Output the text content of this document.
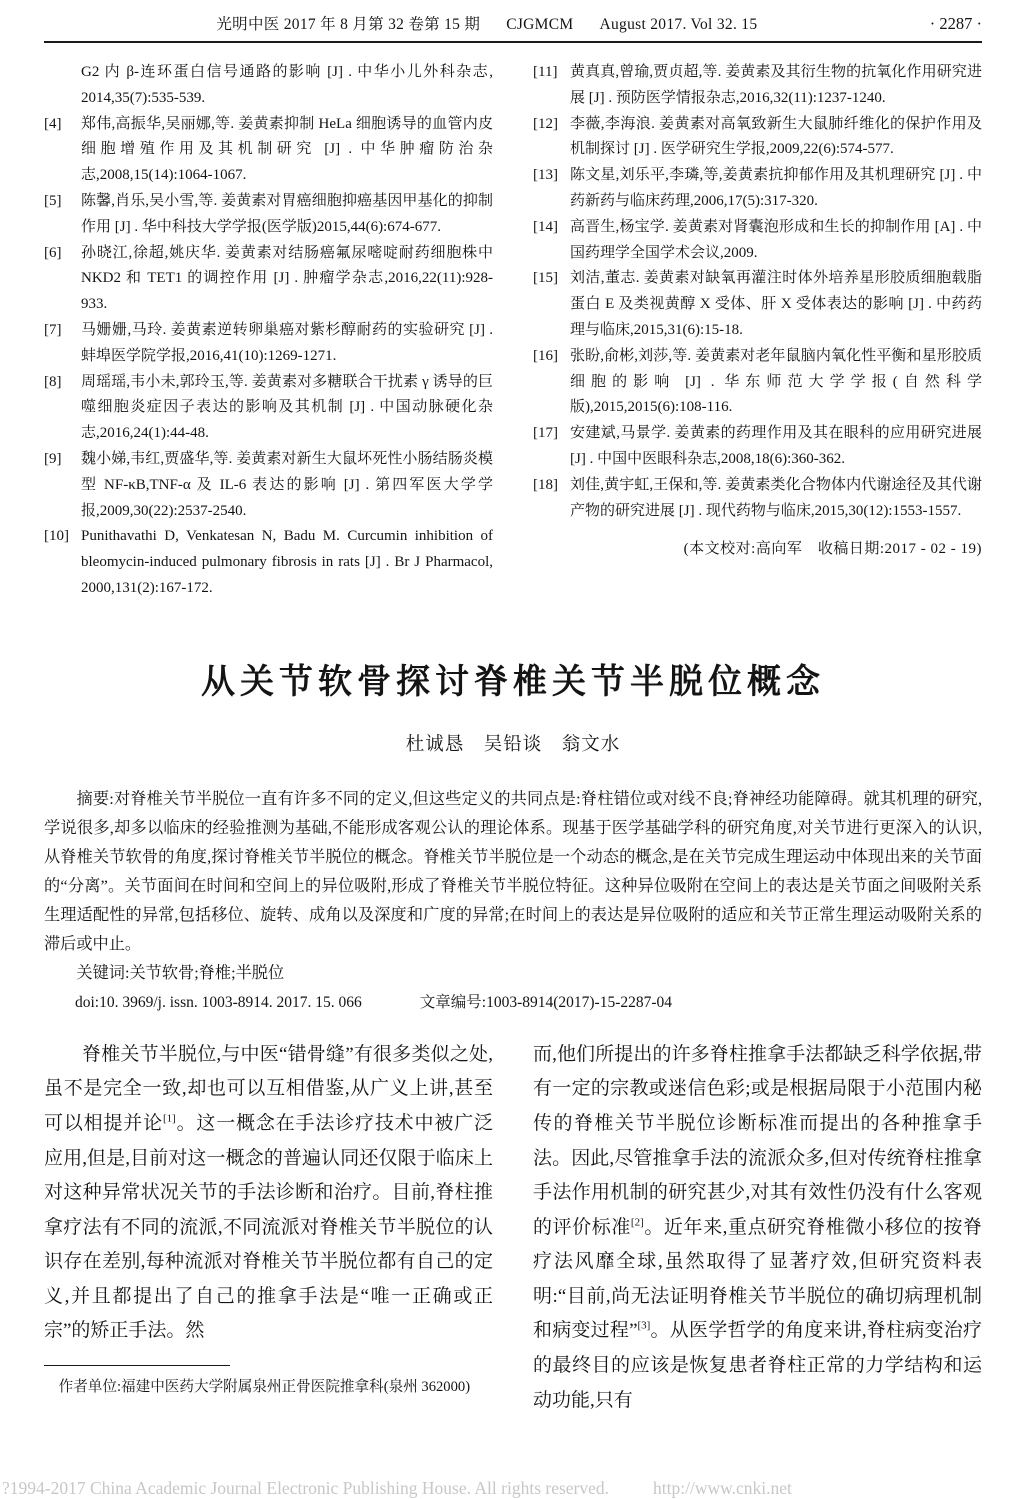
光明中医 2017 年 8 月第 32 卷第 15 期 CJGMCM August 2017. Vol 32. 15	· 2287 ·
G2 内 β-连环蛋白信号通路的影响 [J] . 中华小儿外科杂志, 2014,35(7):535-539.
[4]	郑伟,高振华,吴丽娜,等. 姜黄素抑制 HeLa 细胞诱导的血管内皮细胞增殖作用及其机制研究 [J] . 中华肿瘤防治杂志,2008,15(14):1064-1067.
[5]	陈馨,肖乐,吴小雪,等. 姜黄素对胃癌细胞抑癌基因甲基化的抑制作用 [J] . 华中科技大学学报(医学版)2015,44(6):674-677.
[6]	孙晓江,徐超,姚庆华. 姜黄素对结肠癌氟尿嘧啶耐药细胞株中 NKD2 和 TET1 的调控作用 [J] . 肿瘤学杂志,2016,22(11):928-933.
[7]	马姗姗,马玲. 姜黄素逆转卵巢癌对紫杉醇耐药的实验研究 [J] . 蚌埠医学院学报,2016,41(10):1269-1271.
[8]	周瑶瑶,韦小未,郭玲玉,等. 姜黄素对多糖联合干扰素 γ 诱导的巨噬细胞炎症因子表达的影响及其机制 [J] . 中国动脉硬化杂志,2016,24(1):44-48.
[9]	魏小娣,韦红,贾盛华,等. 姜黄素对新生大鼠坏死性小肠结肠炎模型 NF-κB,TNF-α 及 IL-6 表达的影响 [J] . 第四军医大学学报,2009,30(22):2537-2540.
[10] Punithavathi D, Venkatesan N, Badu M. Curcumin inhibition of bleomycin-induced pulmonary fibrosis in rats [J] . Br J Pharmacol, 2000,131(2):167-172.
[11] 黄真真,曾瑜,贾贞超,等. 姜黄素及其衍生物的抗氧化作用研究进展 [J] . 预防医学情报杂志,2016,32(11):1237-1240.
[12] 李薇,李海浪. 姜黄素对高氧致新生大鼠肺纤维化的保护作用及机制探讨 [J] . 医学研究生学报,2009,22(6):574-577.
[13] 陈文星,刘乐平,李璘,等,姜黄素抗抑郁作用及其机理研究 [J] . 中药新药与临床药理,2006,17(5):317-320.
[14] 高晋生,杨宝学. 姜黄素对肾囊泡形成和生长的抑制作用 [A] . 中国药理学全国学术会议,2009.
[15] 刘洁,董志. 姜黄素对缺氧再灌注时体外培养星形胶质细胞载脂蛋白 E 及类视黄醇 X 受体、肝 X 受体表达的影响 [J] . 中药药理与临床,2015,31(6):15-18.
[16] 张盼,俞彬,刘莎,等. 姜黄素对老年鼠脑内氧化性平衡和星形胶质细胞的影响 [J] . 华东师范大学学报(自然科学版),2015,2015(6):108-116.
[17] 安建斌,马景学. 姜黄素的药理作用及其在眼科的应用研究进展 [J] . 中国中医眼科杂志,2008,18(6):360-362.
[18] 刘佳,黄宇虹,王保和,等. 姜黄素类化合物体内代谢途径及其代谢产物的研究进展 [J] . 现代药物与临床,2015,30(12):1553-1557.
(本文校对:高向军　收稿日期:2017 - 02 - 19)
从关节软骨探讨脊椎关节半脱位概念
杜诚恳　吴铅谈　翁文水
摘要:对脊椎关节半脱位一直有许多不同的定义,但这些定义的共同点是:脊柱错位或对线不良;脊神经功能障碍。就其机理的研究,学说很多,却多以临床的经验推测为基础,不能形成客观公认的理论体系。现基于医学基础学科的研究角度,对关节进行更深入的认识,从脊椎关节软骨的角度,探讨脊椎关节半脱位的概念。脊椎关节半脱位是一个动态的概念,是在关节完成生理运动中体现出来的关节面的“分离”。关节面间在时间和空间上的异位吸附,形成了脊椎关节半脱位特征。这种异位吸附在空间上的表达是关节面之间吸附关系生理适配性的异常,包括移位、旋转、成角以及深度和广度的异常;在时间上的表达是异位吸附的适应和关节正常生理运动吸附关系的滞后或中止。
关键词:关节软骨;脊椎;半脱位
doi:10. 3969/j. issn. 1003-8914. 2017. 15. 066	文章编号:1003-8914(2017)-15-2287-04

脊椎关节半脱位,与中医“错骨缝”有很多类似之处,虽不是完全一致,却也可以互相借鉴,从广义上讲,甚至可以相提并论[1]。这一概念在手法诊疗技术中被广泛应用,但是,目前对这一概念的普遍认同还仅限于临床上对这种异常状况关节的手法诊断和治疗。目前,脊柱推拿疗法有不同的流派,不同流派对脊椎关节半脱位的认识存在差别,每种流派对脊椎关节半脱位都有自己的定义,并且都提出了自己的推拿手法是“唯一正确或正宗”的矫正手法。然

作者单位:福建中医药大学附属泉州正骨医院推拿科(泉州 362000)

而,他们所提出的许多脊柱推拿手法都缺乏科学依据,带有一定的宗教或迷信色彩;或是根据局限于小范围内秘传的脊椎关节半脱位诊断标准而提出的各种推拿手法。因此,尽管推拿手法的流派众多,但对传统脊柱推拿手法作用机制的研究甚少,对其有效性仍没有什么客观的评价标准[2]。近年来,重点研究脊椎微小移位的按脊疗法风靡全球,虽然取得了显著疗效,但研究资料表明:“目前,尚无法证明脊椎关节半脱位的确切病理机制和病变过程”[3]。从医学哲学的角度来讲,脊柱病变治疗的最终目的应该是恢复患者脊柱正常的力学结构和运动功能,只有

?1994-2017 China Academic Journal Electronic Publishing House. All rights reserved.	http://www.cnki.net
